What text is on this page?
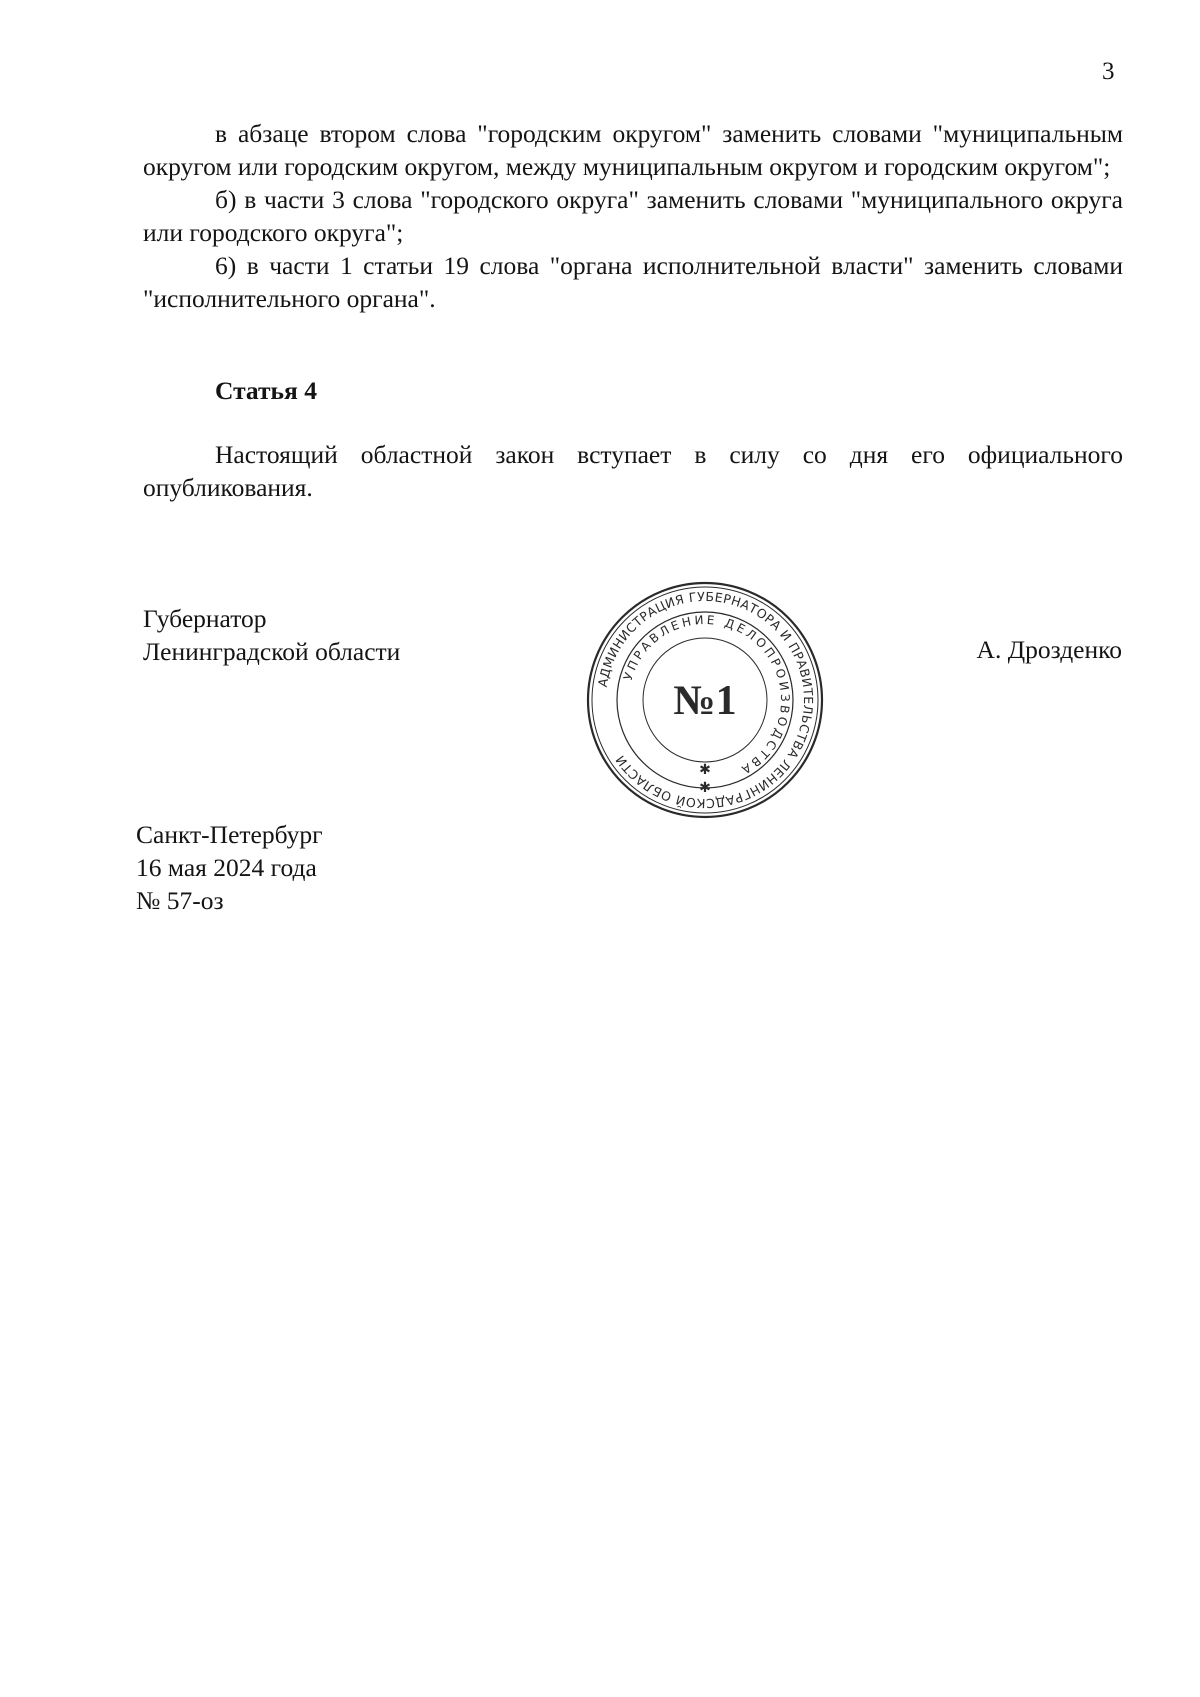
3

в абзаце втором слова "городским округом" заменить словами "муниципальным округом или городским округом, между муниципальным округом и городским округом";

б) в части 3 слова "городского округа" заменить словами "муниципального округа или городского округа";

6) в части 1 статьи 19 слова "органа исполнительной власти" заменить словами "исполнительного органа".

Статья 4

Настоящий областной закон вступает в силу со дня его официального опубликования.

Губернатор
Ленинградской области
АДМИНИСТРАЦИЯ ГУБЕРНАТОРА И ПРАВИТЕЛЬСТВА ЛЕНИНГРАДСКОЙ ОБЛАСТИ
УПРАВЛЕНИЕ ДЕЛОПРОИЗВОДСТВА
№1
✱
✱
А. Дрозденко
Санкт-Петербург
16 мая 2024 года
№ 57-оз
